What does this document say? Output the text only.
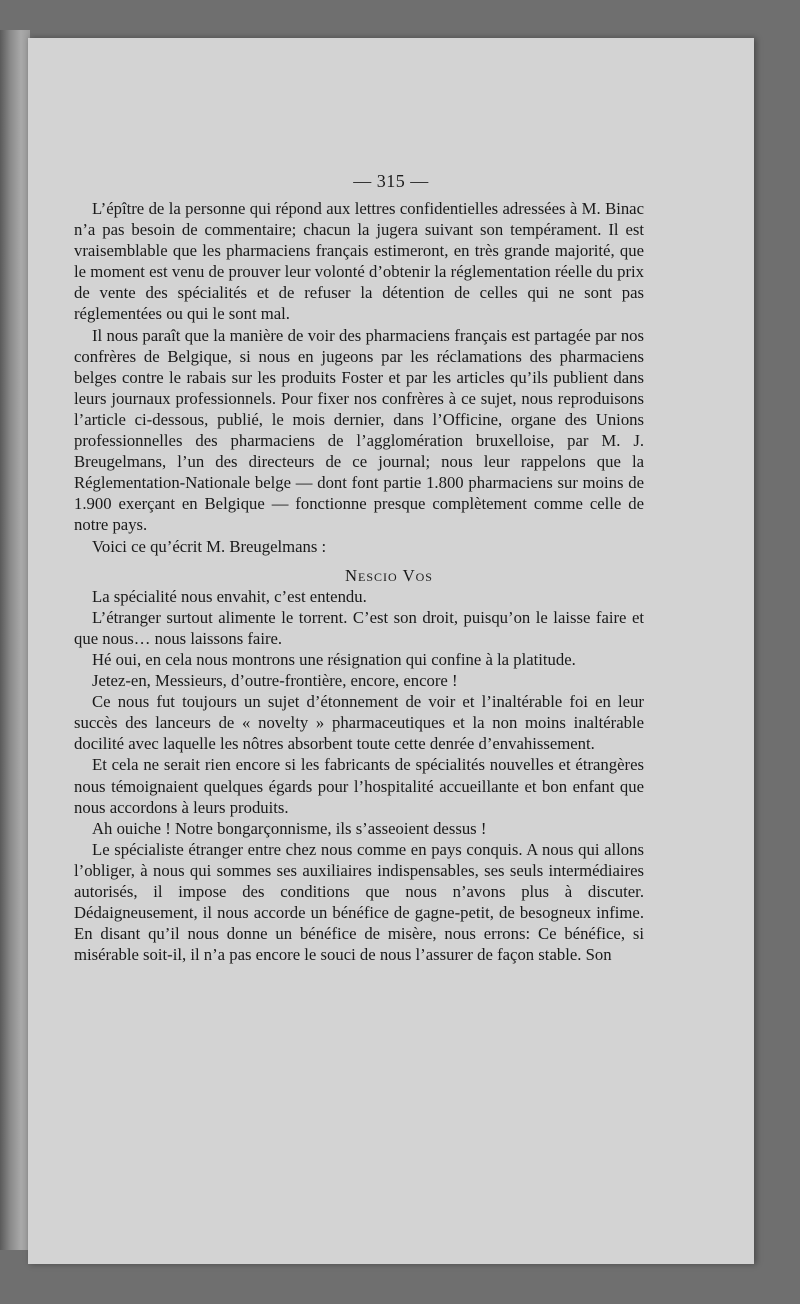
— 315 —

L’épître de la personne qui répond aux lettres confidentielles adressées à M. Binac n’a pas besoin de commentaire; chacun la jugera suivant son tempérament. Il est vraisemblable que les pharmaciens français estimeront, en très grande majorité, que le moment est venu de prouver leur volonté d’obtenir la réglementation réelle du prix de vente des spécialités et de refuser la détention de celles qui ne sont pas réglementées ou qui le sont mal.

Il nous paraît que la manière de voir des pharmaciens français est partagée par nos confrères de Belgique, si nous en jugeons par les réclamations des pharmaciens belges contre le rabais sur les produits Foster et par les articles qu’ils publient dans leurs journaux professionnels. Pour fixer nos confrères à ce sujet, nous reproduisons l’article ci-dessous, publié, le mois dernier, dans l’Officine, organe des Unions professionnelles des pharmaciens de l’agglomération bruxelloise, par M. J. Breugelmans, l’un des directeurs de ce journal; nous leur rappelons que la Réglementation-Nationale belge — dont font partie 1.800 pharmaciens sur moins de 1.900 exerçant en Belgique — fonctionne presque complètement comme celle de notre pays.

Voici ce qu’écrit M. Breugelmans :

Nescio Vos

La spécialité nous envahit, c’est entendu.

L’étranger surtout alimente le torrent. C’est son droit, puisqu’on le laisse faire et que nous… nous laissons faire.

Hé oui, en cela nous montrons une résignation qui confine à la platitude.

Jetez-en, Messieurs, d’outre-frontière, encore, encore !

Ce nous fut toujours un sujet d’étonnement de voir et l’inaltérable foi en leur succès des lanceurs de « novelty » pharmaceutiques et la non moins inaltérable docilité avec laquelle les nôtres absorbent toute cette denrée d’envahissement.

Et cela ne serait rien encore si les fabricants de spécialités nouvelles et étrangères nous témoignaient quelques égards pour l’hospitalité accueillante et bon enfant que nous accordons à leurs produits.

Ah ouiche ! Notre bongarçonnisme, ils s’asseoient dessus !

Le spécialiste étranger entre chez nous comme en pays conquis. A nous qui allons l’obliger, à nous qui sommes ses auxiliaires indispensables, ses seuls intermédiaires autorisés, il impose des conditions que nous n’avons plus à discuter. Dédaigneusement, il nous accorde un bénéfice de gagne-petit, de besogneux infime. En disant qu’il nous donne un bénéfice de misère, nous errons: Ce bénéfice, si misérable soit-il, il n’a pas encore le souci de nous l’assurer de façon stable. Son
